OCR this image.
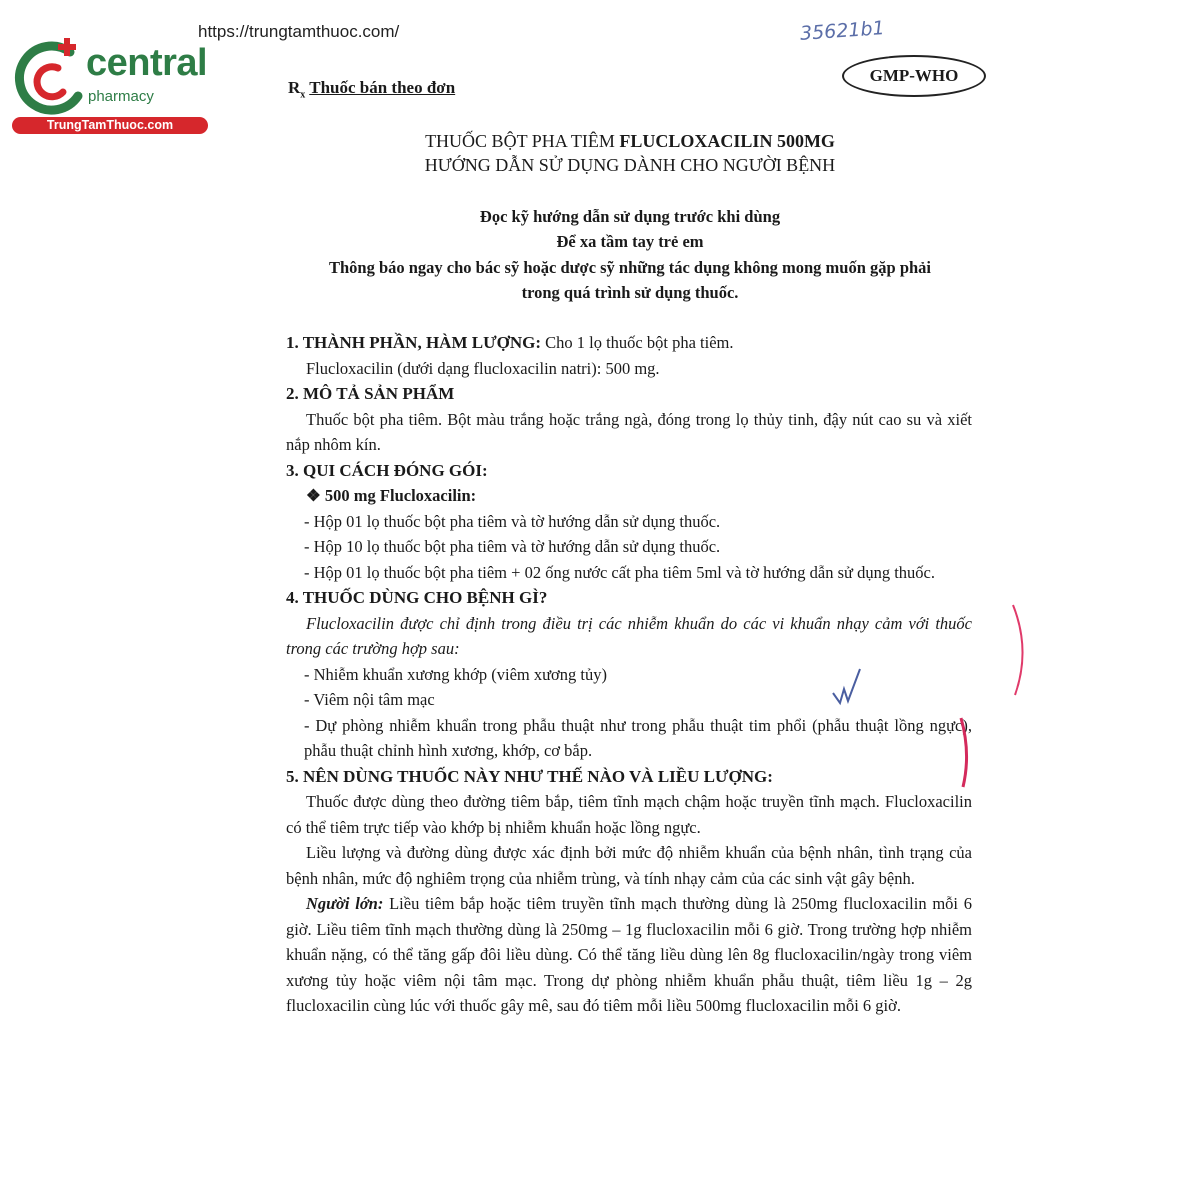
https://trungtamthuoc.com/
central
pharmacy
TrungTamThuoc.com
35621b1
GMP-WHO
$R_x$ Thuốc bán theo đơn
THUỐC BỘT PHA TIÊM FLUCLOXACILIN 500MG
HƯỚNG DẪN SỬ DỤNG DÀNH CHO NGƯỜI BỆNH
Đọc kỹ hướng dẫn sử dụng trước khi dùng
Để xa tầm tay trẻ em
Thông báo ngay cho bác sỹ hoặc dược sỹ những tác dụng không mong muốn gặp phải
trong quá trình sử dụng thuốc.

1. THÀNH PHẦN, HÀM LƯỢNG: Cho 1 lọ thuốc bột pha tiêm.

Flucloxacilin (dưới dạng flucloxacilin natri): 500 mg.

2. MÔ TẢ SẢN PHẨM

Thuốc bột pha tiêm. Bột màu trắng hoặc trắng ngà, đóng trong lọ thủy tinh, đậy nút cao su và xiết nắp nhôm kín.

3. QUI CÁCH ĐÓNG GÓI:

❖ 500 mg Flucloxacilin:

- Hộp 01 lọ thuốc bột pha tiêm và tờ hướng dẫn sử dụng thuốc.

- Hộp 10 lọ thuốc bột pha tiêm và tờ hướng dẫn sử dụng thuốc.

- Hộp 01 lọ thuốc bột pha tiêm + 02 ống nước cất pha tiêm 5ml và tờ hướng dẫn sử dụng thuốc.

4. THUỐC DÙNG CHO BỆNH GÌ?

Flucloxacilin được chỉ định trong điều trị các nhiễm khuẩn do các vi khuẩn nhạy cảm với thuốc trong các trường hợp sau:

- Nhiễm khuẩn xương khớp (viêm xương tủy)

- Viêm nội tâm mạc

- Dự phòng nhiễm khuẩn trong phẫu thuật như trong phẫu thuật tim phổi (phẫu thuật lồng ngực), phẫu thuật chỉnh hình xương, khớp, cơ bắp.

5. NÊN DÙNG THUỐC NÀY NHƯ THẾ NÀO VÀ LIỀU LƯỢNG:

Thuốc được dùng theo đường tiêm bắp, tiêm tĩnh mạch chậm hoặc truyền tĩnh mạch. Flucloxacilin có thể tiêm trực tiếp vào khớp bị nhiễm khuẩn hoặc lồng ngực.

Liều lượng và đường dùng được xác định bởi mức độ nhiễm khuẩn của bệnh nhân, tình trạng của bệnh nhân, mức độ nghiêm trọng của nhiễm trùng, và tính nhạy cảm của các sinh vật gây bệnh.

Người lớn: Liều tiêm bắp hoặc tiêm truyền tĩnh mạch thường dùng là 250mg flucloxacilin mỗi 6 giờ. Liều tiêm tĩnh mạch thường dùng là 250mg – 1g flucloxacilin mỗi 6 giờ. Trong trường hợp nhiễm khuẩn nặng, có thể tăng gấp đôi liều dùng. Có thể tăng liều dùng lên 8g flucloxacilin/ngày trong viêm xương tủy hoặc viêm nội tâm mạc. Trong dự phòng nhiễm khuẩn phẫu thuật, tiêm liều 1g – 2g flucloxacilin cùng lúc với thuốc gây mê, sau đó tiêm mỗi liều 500mg flucloxacilin mỗi 6 giờ.
